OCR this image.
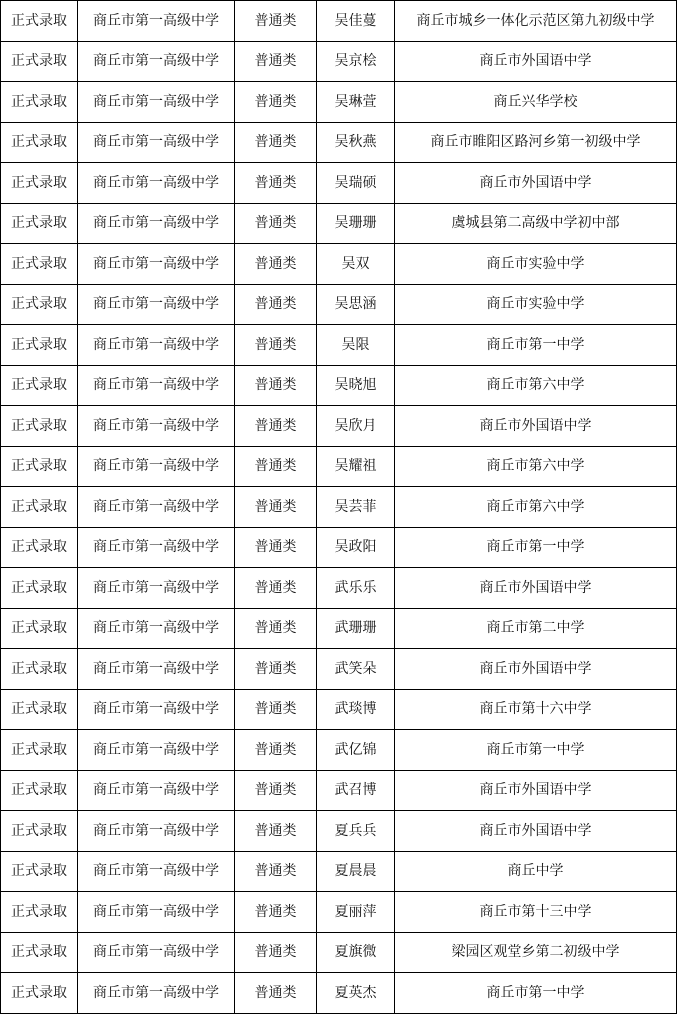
正式录取	商丘市第一高级中学	普通类	吴佳蔓	商丘市城乡一体化示范区第九初级中学
正式录取	商丘市第一高级中学	普通类	吴京桧	商丘市外国语中学
正式录取	商丘市第一高级中学	普通类	吴琳萱	商丘兴华学校
正式录取	商丘市第一高级中学	普通类	吴秋燕	商丘市睢阳区路河乡第一初级中学
正式录取	商丘市第一高级中学	普通类	吴瑞硕	商丘市外国语中学
正式录取	商丘市第一高级中学	普通类	吴珊珊	虞城县第二高级中学初中部
正式录取	商丘市第一高级中学	普通类	吴双	商丘市实验中学
正式录取	商丘市第一高级中学	普通类	吴思涵	商丘市实验中学
正式录取	商丘市第一高级中学	普通类	吴限	商丘市第一中学
正式录取	商丘市第一高级中学	普通类	吴晓旭	商丘市第六中学
正式录取	商丘市第一高级中学	普通类	吴欣月	商丘市外国语中学
正式录取	商丘市第一高级中学	普通类	吴耀祖	商丘市第六中学
正式录取	商丘市第一高级中学	普通类	吴芸菲	商丘市第六中学
正式录取	商丘市第一高级中学	普通类	吴政阳	商丘市第一中学
正式录取	商丘市第一高级中学	普通类	武乐乐	商丘市外国语中学
正式录取	商丘市第一高级中学	普通类	武珊珊	商丘市第二中学
正式录取	商丘市第一高级中学	普通类	武笑朵	商丘市外国语中学
正式录取	商丘市第一高级中学	普通类	武琰博	商丘市第十六中学
正式录取	商丘市第一高级中学	普通类	武亿锦	商丘市第一中学
正式录取	商丘市第一高级中学	普通类	武召博	商丘市外国语中学
正式录取	商丘市第一高级中学	普通类	夏兵兵	商丘市外国语中学
正式录取	商丘市第一高级中学	普通类	夏晨晨	商丘中学
正式录取	商丘市第一高级中学	普通类	夏丽萍	商丘市第十三中学
正式录取	商丘市第一高级中学	普通类	夏旗微	梁园区观堂乡第二初级中学
正式录取	商丘市第一高级中学	普通类	夏英杰	商丘市第一中学
